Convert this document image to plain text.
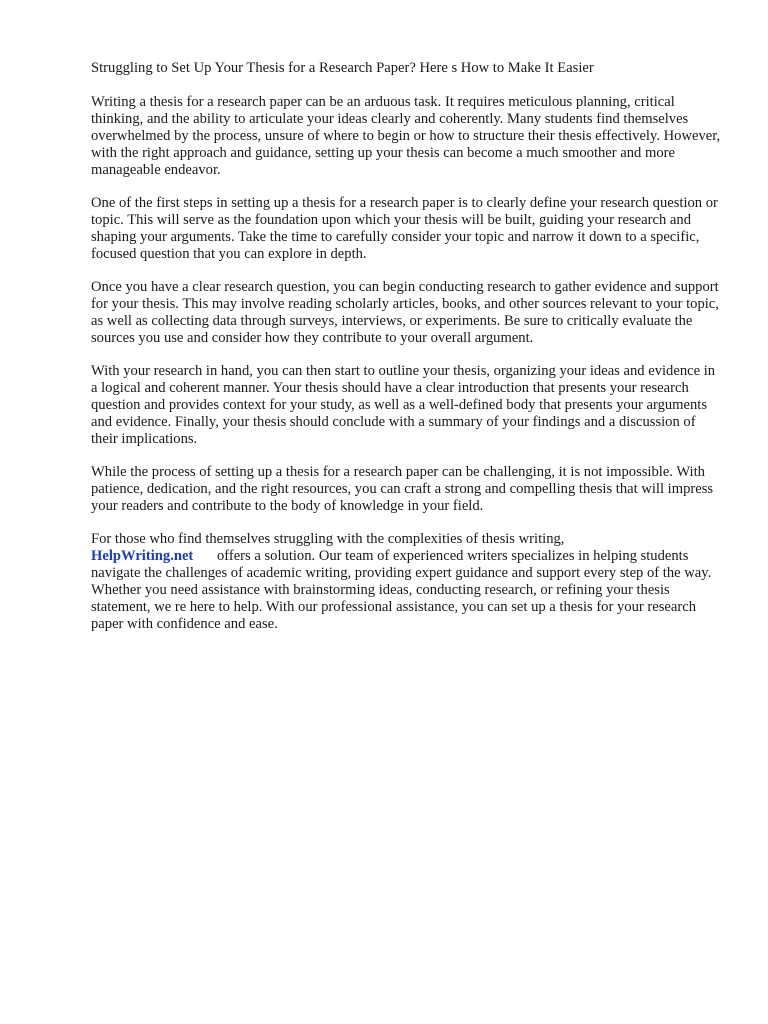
Struggling to Set Up Your Thesis for a Research Paper? Here s How to Make It Easier

Writing a thesis for a research paper can be an arduous task. It requires meticulous planning, critical thinking, and the ability to articulate your ideas clearly and coherently. Many students find themselves overwhelmed by the process, unsure of where to begin or how to structure their thesis effectively. However, with the right approach and guidance, setting up your thesis can become a much smoother and more manageable endeavor.

One of the first steps in setting up a thesis for a research paper is to clearly define your research question or topic. This will serve as the foundation upon which your thesis will be built, guiding your research and shaping your arguments. Take the time to carefully consider your topic and narrow it down to a specific, focused question that you can explore in depth.

Once you have a clear research question, you can begin conducting research to gather evidence and support for your thesis. This may involve reading scholarly articles, books, and other sources relevant to your topic, as well as collecting data through surveys, interviews, or experiments. Be sure to critically evaluate the sources you use and consider how they contribute to your overall argument.

With your research in hand, you can then start to outline your thesis, organizing your ideas and evidence in a logical and coherent manner. Your thesis should have a clear introduction that presents your research question and provides context for your study, as well as a well-defined body that presents your arguments and evidence. Finally, your thesis should conclude with a summary of your findings and a discussion of their implications.

While the process of setting up a thesis for a research paper can be challenging, it is not impossible. With patience, dedication, and the right resources, you can craft a strong and compelling thesis that will impress your readers and contribute to the body of knowledge in your field.

For those who find themselves struggling with the complexities of thesis writing,
HelpWriting.net offers a solution. Our team of experienced writers specializes in helping students navigate the challenges of academic writing, providing expert guidance and support every step of the way. Whether you need assistance with brainstorming ideas, conducting research, or refining your thesis statement, we re here to help. With our professional assistance, you can set up a thesis for your research paper with confidence and ease.
